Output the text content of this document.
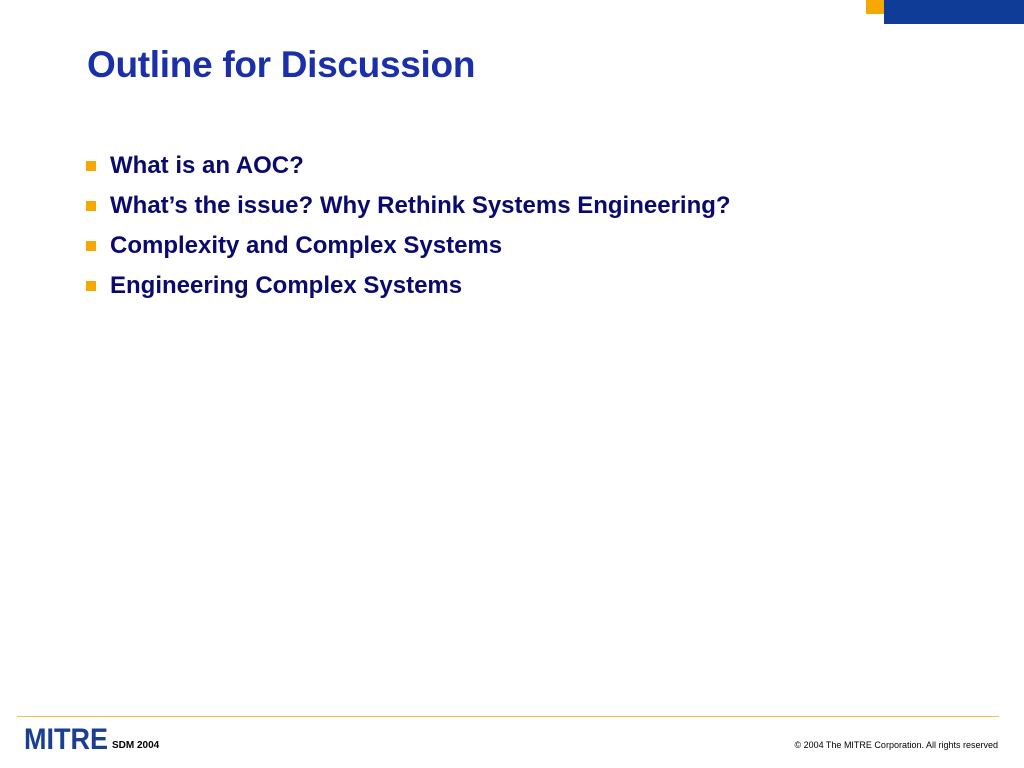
Outline for Discussion
What is an AOC?
What’s the issue? Why Rethink Systems Engineering?
Complexity and Complex Systems
Engineering Complex Systems
MITRE SDM 2004	© 2004 The MITRE Corporation. All rights reserved
